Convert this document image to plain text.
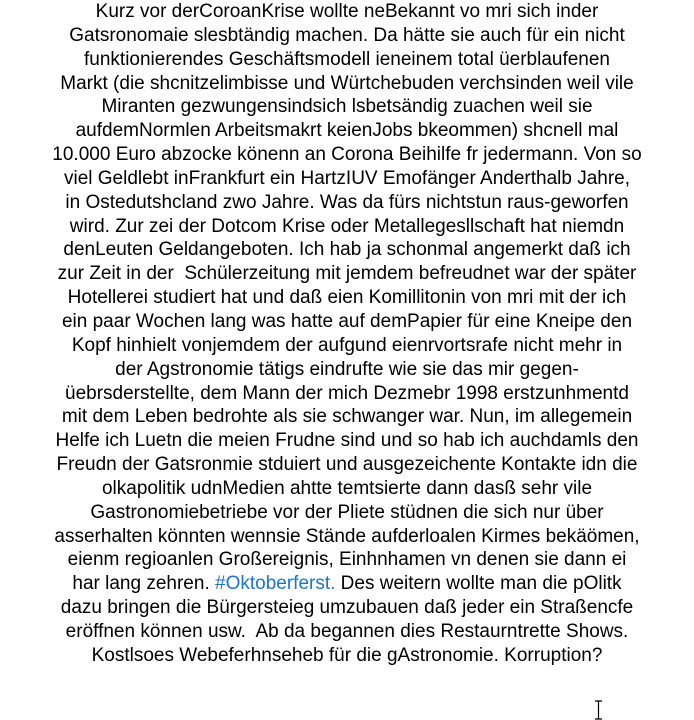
Kurz vor derCoroanKrise wollte neBekannt vo mri sich inder
Gatsronomaie slesbtändig machen. Da hätte sie auch für ein nicht
funktionierendes Geschäftsmodell ieneinem total üerblaufenen
Markt (die shcnitzelimbisse und Würtchebuden verchsinden weil vile
Miranten gezwungensindsich lsbetsändig zuachen weil sie
aufdemNormlen Arbeitsmakrt keienJobs bkeommen) shcnell mal
10.000 Euro abzocke könenn an Corona Beihilfe fr jedermann. Von so
viel Geldlebt inFrankfurt ein HartzIUV Emofänger Anderthalb Jahre,
in Ostedutshcland zwo Jahre. Was da fürs nichtstun raus-geworfen
wird. Zur zei der Dotcom Krise oder Metallegesllschaft hat niemdn
denLeuten Geldangeboten. Ich hab ja schonmal angemerkt daß ich
zur Zeit in der  Schülerzeitung mit jemdem befreudnet war der später
Hotellerei studiert hat und daß eien Komillitonin von mri mit der ich
ein paar Wochen lang was hatte auf demPapier für eine Kneipe den
Kopf hinhielt vonjemdem der aufgund eienrvortsrafe nicht mehr in
der Agstronomie tätigs eindrufte wie sie das mir gegen-
üebrsderstellte, dem Mann der mich Dezmebr 1998 erstzunhmentd
mit dem Leben bedrohte als sie schwanger war. Nun, im allegemein
Helfe ich Luetn die meien Frudne sind und so hab ich auchdamls den
Freudn der Gatsronmie stduiert und ausgezeichente Kontakte idn die
olkapolitik udnMedien ahtte temtsierte dann dasß sehr vile
Gastronomiebetriebe vor der Pliete stüdnen die sich nur über
asserhalten könnten wennsie Stände aufderloalen Kirmes bekäömen,
eienm regioanlen Großereignis, Einhnhamen vn denen sie dann ei
har lang zehren. #Oktoberferst. Des weitern wollte man die pOlitk
dazu bringen die Bürgersteieg umzubauen daß jeder ein Straßencfe
eröffnen können usw.  Ab da begannen dies Restaurntrette Shows.
Kostlsoes Webeferhnseheb für die gAstronomie. Korruption?
